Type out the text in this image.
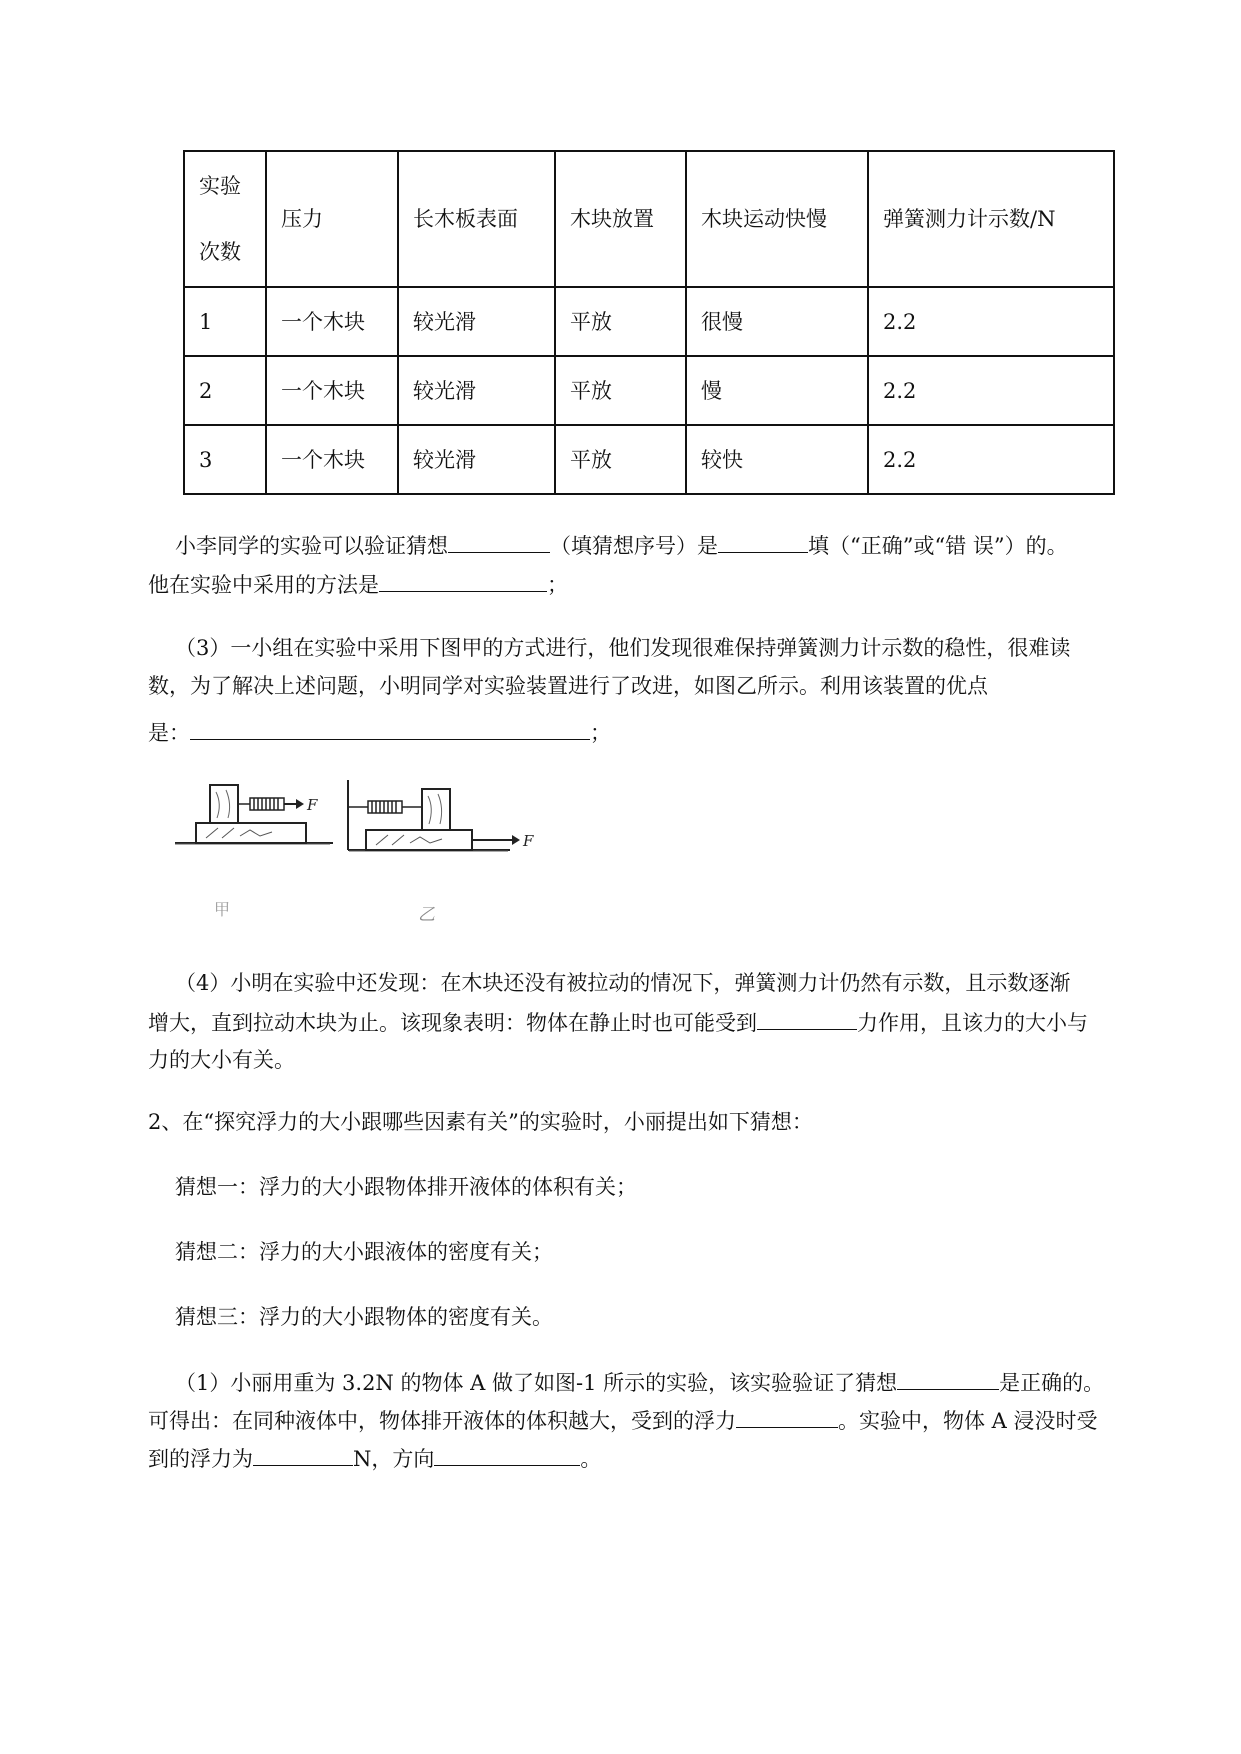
实验
次数	压力	长木板表面	木块放置	木块运动快慢	弹簧测力计示数/N
1	一个木块	较光滑	平放	很慢	2.2
2	一个木块	较光滑	平放	慢	2.2
3	一个木块	较光滑	平放	较快	2.2
小李同学的实验可以验证猜想	（填猜想序号）是	填（“正确”或“错 误”）的。
他在实验中采用的方法是	；
（3）一小组在实验中采用下图甲的方式进行，他们发现很难保持弹簧测力计示数的稳性，很难读
数，为了解决上述问题，小明同学对实验装置进行了改进，如图乙所示。利用该装置的优点
是：	；
F
甲
F
乙
（4）小明在实验中还发现：在木块还没有被拉动的情况下，弹簧测力计仍然有示数，且示数逐渐
增大，直到拉动木块为止。该现象表明：物体在静止时也可能受到	力作用，且该力的大小与
力的大小有关。
2、在“探究浮力的大小跟哪些因素有关”的实验时，小丽提出如下猜想：
猜想一：浮力的大小跟物体排开液体的体积有关；
猜想二：浮力的大小跟液体的密度有关；
猜想三：浮力的大小跟物体的密度有关。
（1）小丽用重为 3.2N 的物体 A 做了如图-1 所示的实验，该实验验证了猜想	是正确的。
可得出：在同种液体中，物体排开液体的体积越大，受到的浮力	。实验中，物体 A 浸没时受
到的浮力为	N，方向	。
